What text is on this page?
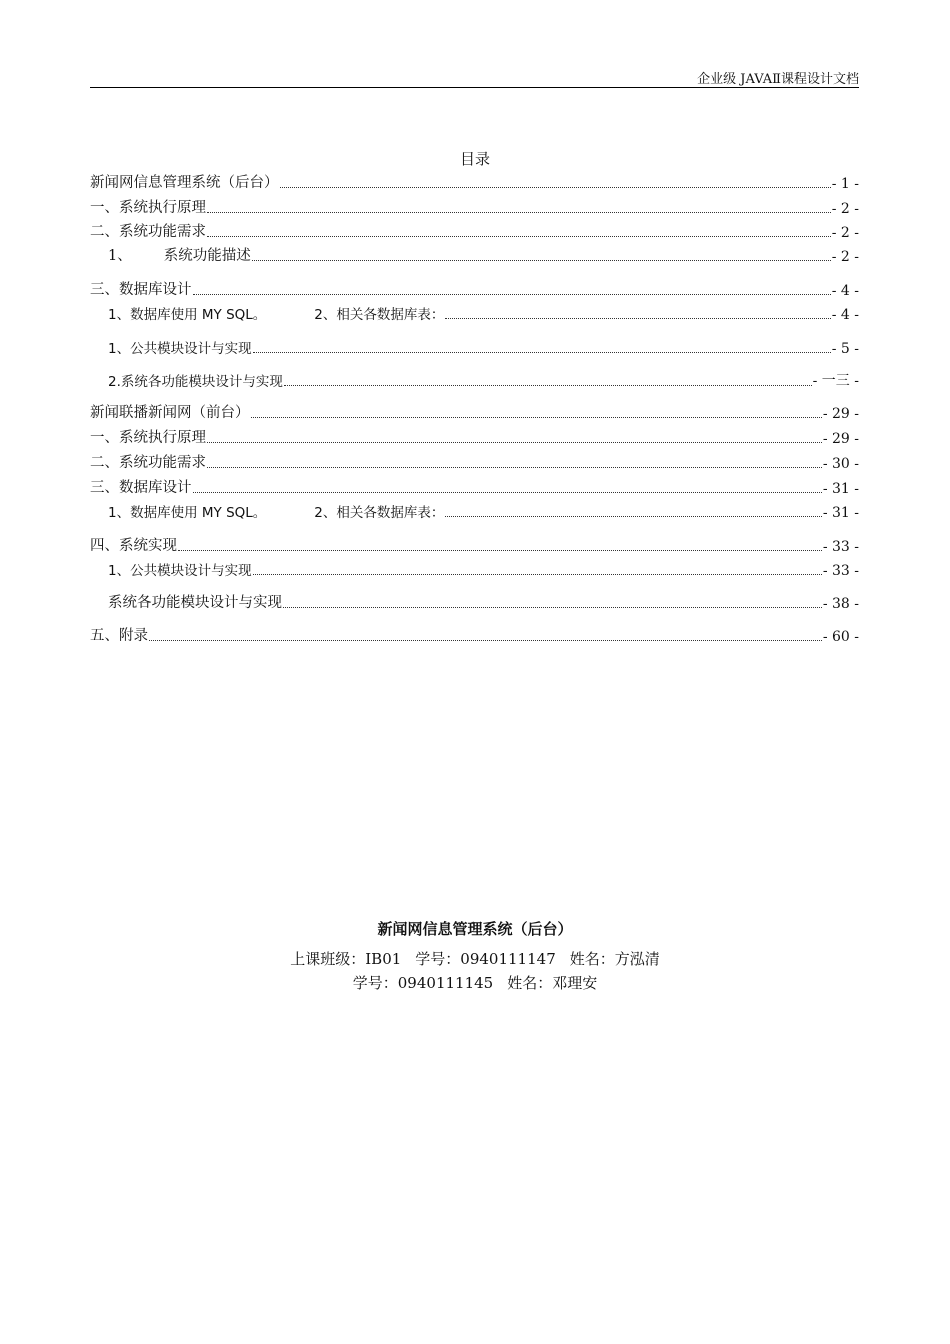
企业级 JAVAⅡ课程设计文档
目录
新闻网信息管理系统（后台）	- 1 -
一、系统执行原理	- 2 -
二、系统功能需求	- 2 -
1、 系统功能描述	- 2 -
三、数据库设计	- 4 -
1、数据库使用 MY SQL。	2、相关各数据库表：	- 4 -
1、公共模块设计与实现	- 5 -
2.系统各功能模块设计与实现	- 一三 -
新闻联播新闻网（前台）	- 29 -
一、系统执行原理	- 29 -
二、系统功能需求	- 30 -
三、数据库设计	- 31 -
1、数据库使用 MY SQL。	2、相关各数据库表：	- 31 -
四、系统实现	- 33 -
1、公共模块设计与实现	- 33 -
系统各功能模块设计与实现	- 38 -
五、附录	- 60 -
新闻网信息管理系统（后台）
上课班级：IB01 学号：0940111147 姓名：方泓清
学号：0940111145 姓名：邓理安
